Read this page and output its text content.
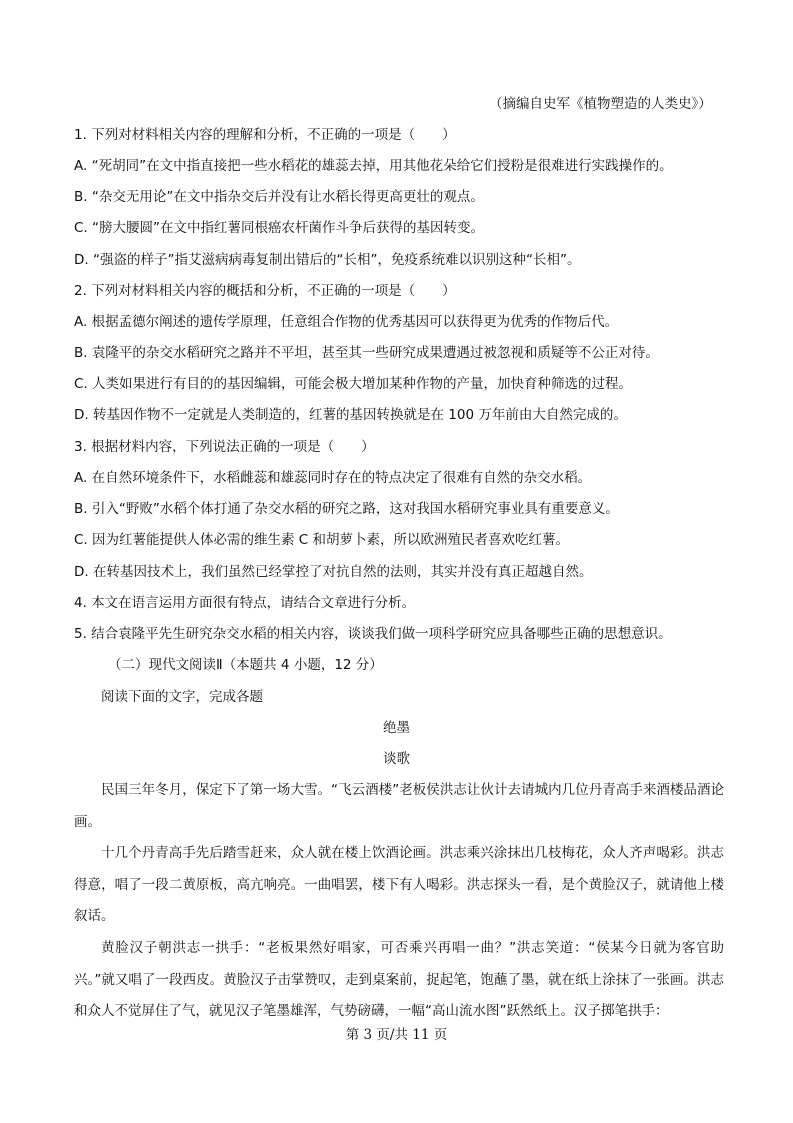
（摘编自史军《植物塑造的人类史》）
1. 下列对材料相关内容的理解和分析，不正确的一项是（　　）
A. “死胡同”在文中指直接把一些水稻花的雄蕊去掉，用其他花朵给它们授粉是很难进行实践操作的。
B. “杂交无用论”在文中指杂交后并没有让水稻长得更高更壮的观点。
C. “膀大腰圆”在文中指红薯同根癌农杆菌作斗争后获得的基因转变。
D. “强盗的样子”指艾滋病病毒复制出错后的“长相”，免疫系统难以识别这种“长相”。
2. 下列对材料相关内容的概括和分析，不正确的一项是（　　）
A. 根据孟德尔阐述的遗传学原理，任意组合作物的优秀基因可以获得更为优秀的作物后代。
B. 袁隆平的杂交水稻研究之路并不平坦，甚至其一些研究成果遭遇过被忽视和质疑等不公正对待。
C. 人类如果进行有目的的基因编辑，可能会极大增加某种作物的产量，加快育种筛选的过程。
D. 转基因作物不一定就是人类制造的，红薯的基因转换就是在 100 万年前由大自然完成的。
3. 根据材料内容，下列说法正确的一项是（　　）
A. 在自然环境条件下，水稻雌蕊和雄蕊同时存在的特点决定了很难有自然的杂交水稻。
B. 引入“野败”水稻个体打通了杂交水稻的研究之路，这对我国水稻研究事业具有重要意义。
C. 因为红薯能提供人体必需的维生素 C 和胡萝卜素，所以欧洲殖民者喜欢吃红薯。
D. 在转基因技术上，我们虽然已经掌控了对抗自然的法则，其实并没有真正超越自然。
4. 本文在语言运用方面很有特点，请结合文章进行分析。
5. 结合袁隆平先生研究杂交水稻的相关内容，谈谈我们做一项科学研究应具备哪些正确的思想意识。
（二）现代文阅读Ⅱ（本题共 4 小题，12 分）
阅读下面的文字，完成各题
绝墨
谈歌
民国三年冬月，保定下了第一场大雪。“飞云酒楼”老板侯洪志让伙计去请城内几位丹青高手来酒楼品酒论画。
十几个丹青高手先后踏雪赶来，众人就在楼上饮酒论画。洪志乘兴涂抹出几枝梅花，众人齐声喝彩。洪志得意，唱了一段二黄原板，高亢响亮。一曲唱罢，楼下有人喝彩。洪志探头一看，是个黄脸汉子，就请他上楼叙话。
黄脸汉子朝洪志一拱手：“老板果然好唱家，可否乘兴再唱一曲？”洪志笑道：“侯某今日就为客官助兴。”就又唱了一段西皮。黄脸汉子击掌赞叹，走到桌案前，捉起笔，饱蘸了墨，就在纸上涂抹了一张画。洪志和众人不觉屏住了气，就见汉子笔墨雄浑，气势磅礴，一幅“高山流水图”跃然纸上。汉子掷笔拱手：
第 3 页/共 11 页
